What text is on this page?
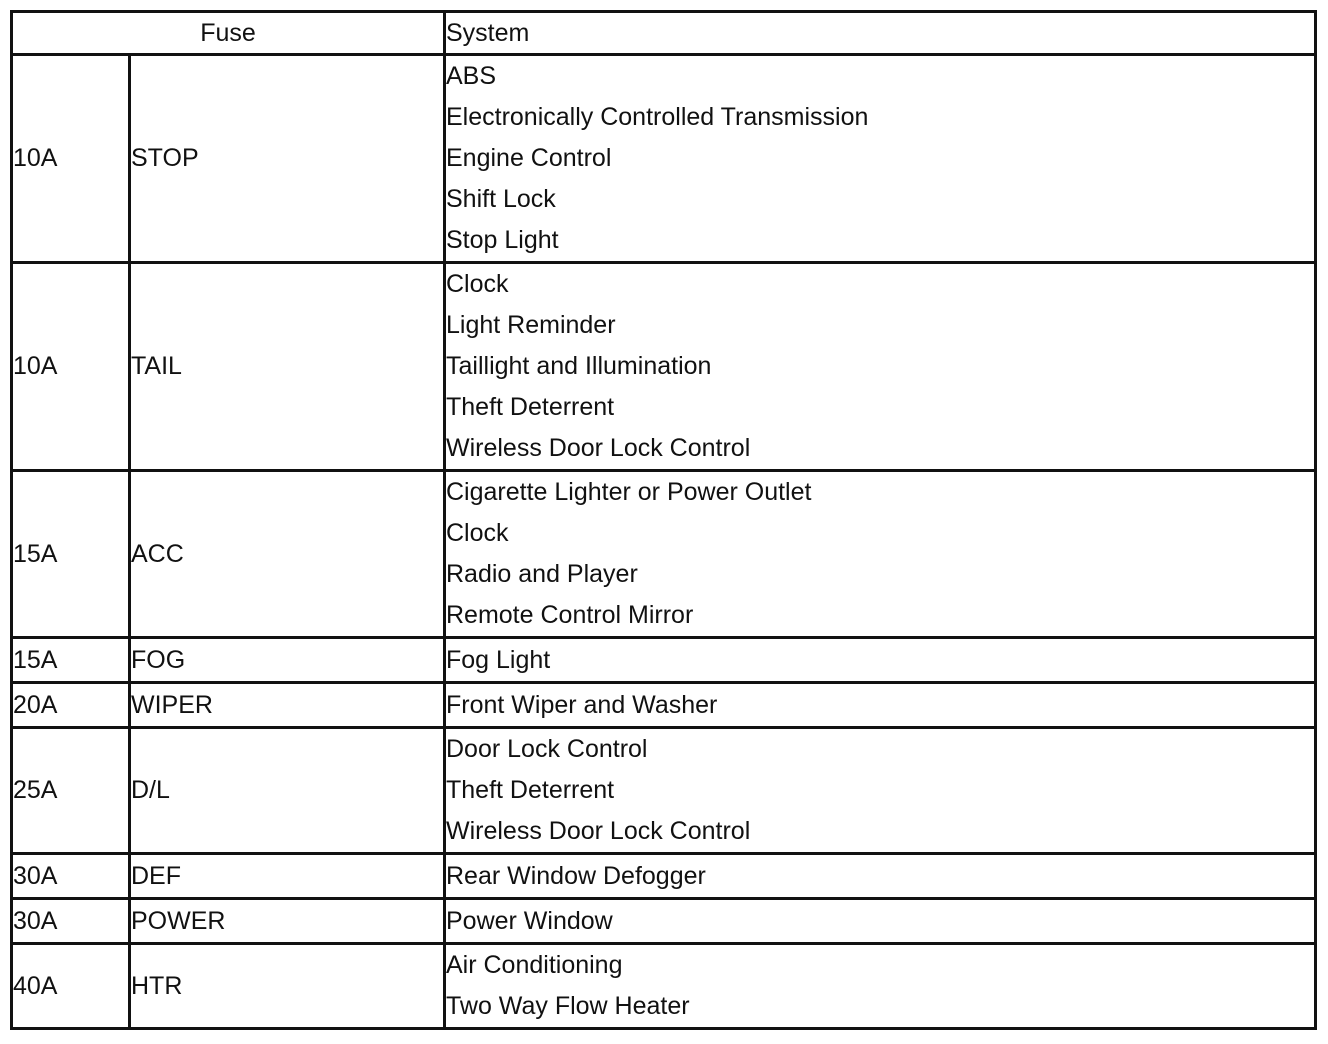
Fuse		System
10A	STOP	ABS
Electronically Controlled Transmission
Engine Control
Shift Lock
Stop Light

10A	TAIL	Clock
Light Reminder
Taillight and Illumination
Theft Deterrent
Wireless Door Lock Control

15A	ACC	Cigarette Lighter or Power Outlet
Clock
Radio and Player
Remote Control Mirror

15A	FOG	Fog Light

20A	WIPER	Front Wiper and Washer

25A	D/L	Door Lock Control
Theft Deterrent
Wireless Door Lock Control

30A	DEF	Rear Window Defogger

30A	POWER	Power Window

40A	HTR	Air Conditioning
Two Way Flow Heater
